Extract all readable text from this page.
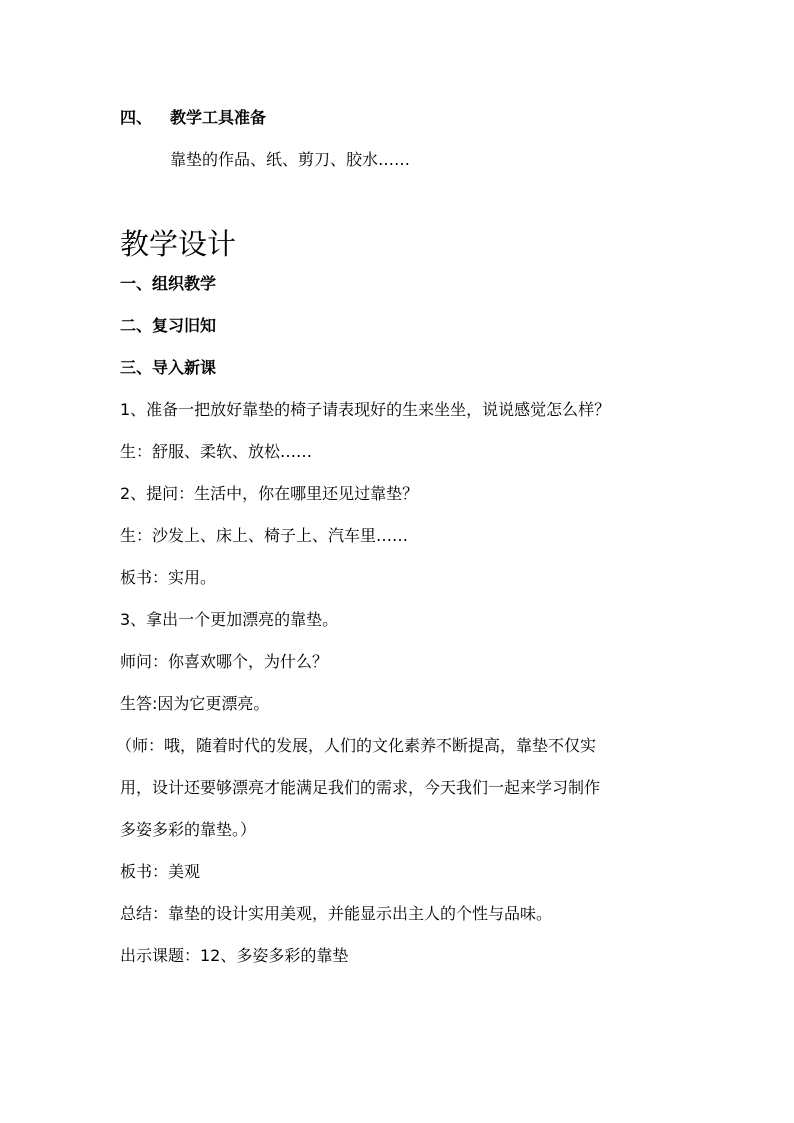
四、 教学工具准备
靠垫的作品、纸、剪刀、胶水……
教学设计
一、组织教学
二、复习旧知
三、导入新课
1、准备一把放好靠垫的椅子请表现好的生来坐坐，说说感觉怎么样？
生：舒服、柔软、放松……
2、提问：生活中，你在哪里还见过靠垫？
生：沙发上、床上、椅子上、汽车里……
板书：实用。
3、拿出一个更加漂亮的靠垫。
师问：你喜欢哪个，为什么？
生答:因为它更漂亮。
（师：哦，随着时代的发展，人们的文化素养不断提高，靠垫不仅实
用，设计还要够漂亮才能满足我们的需求，今天我们一起来学习制作
多姿多彩的靠垫。）
板书：美观
总结：靠垫的设计实用美观，并能显示出主人的个性与品味。
出示课题：12、多姿多彩的靠垫
